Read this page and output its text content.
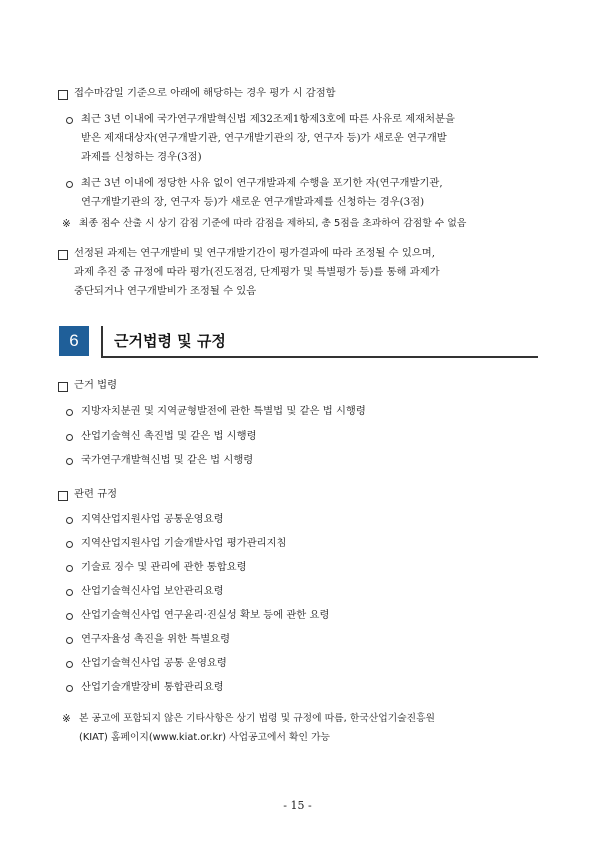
접수마감일 기준으로 아래에 해당하는 경우 평가 시 감점함
최근 3년 이내에 국가연구개발혁신법 제32조제1항제3호에 따른 사유로 제재처분을
받은 제재대상자(연구개발기관, 연구개발기관의 장, 연구자 등)가 새로운 연구개발
과제를 신청하는 경우(3점)
최근 3년 이내에 정당한 사유 없이 연구개발과제 수행을 포기한 자(연구개발기관,
연구개발기관의 장, 연구자 등)가 새로운 연구개발과제를 신청하는 경우(3점)
※ 최종 점수 산출 시 상기 감점 기준에 따라 감점을 제하되, 총 5점을 초과하여 감점할 수 없음
선정된 과제는 연구개발비 및 연구개발기간이 평가결과에 따라 조정될 수 있으며,
과제 추진 중 규정에 따라 평가(진도점검, 단계평가 및 특별평가 등)를 통해 과제가
중단되거나 연구개발비가 조정될 수 있음
6	근거법령 및 규정
근거 법령
지방자치분권 및 지역균형발전에 관한 특별법 및 같은 법 시행령
산업기술혁신 촉진법 및 같은 법 시행령
국가연구개발혁신법 및 같은 법 시행령
관련 규정
지역산업지원사업 공통운영요령
지역산업지원사업 기술개발사업 평가관리지침
기술료 징수 및 관리에 관한 통합요령
산업기술혁신사업 보안관리요령
산업기술혁신사업 연구윤리·진실성 확보 등에 관한 요령
연구자율성 촉진을 위한 특별요령
산업기술혁신사업 공통 운영요령
산업기술개발장비 통합관리요령
※ 본 공고에 포함되지 않은 기타사항은 상기 법령 및 규정에 따름, 한국산업기술진흥원
(KIAT) 홈페이지(www.kiat.or.kr) 사업공고에서 확인 가능
- 15 -
